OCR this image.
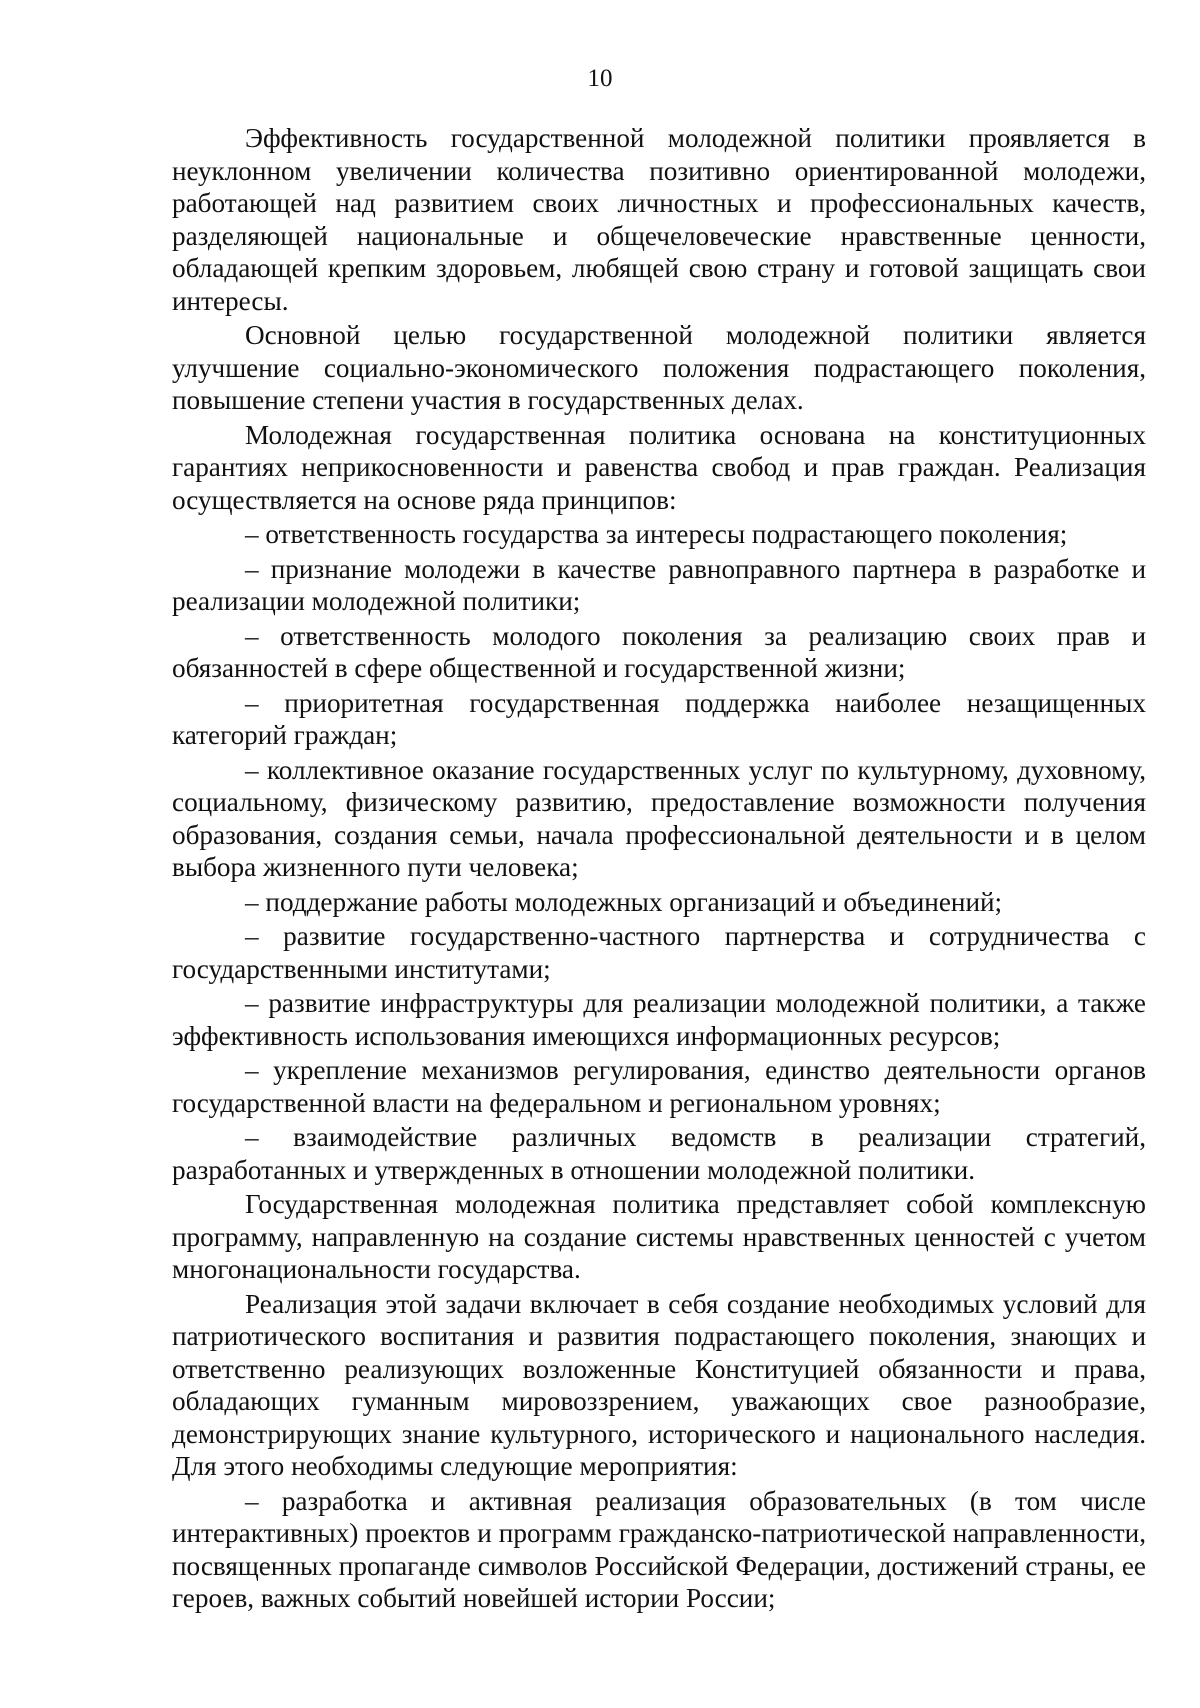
10

Эффективность государственной молодежной политики проявляется в неуклонном увеличении количества позитивно ориентированной молодежи, работающей над развитием своих личностных и профессиональных качеств, разделяющей национальные и общечеловеческие нравственные ценности, обладающей крепким здоровьем, любящей свою страну и готовой защищать свои интересы.

Основной целью государственной молодежной политики является улучшение социально-экономического положения подрастающего поколения, повышение степени участия в государственных делах.

Молодежная государственная политика основана на конституционных гарантиях неприкосновенности и равенства свобод и прав граждан. Реализация осуществляется на основе ряда принципов:

– ответственность государства за интересы подрастающего поколения;

– признание молодежи в качестве равноправного партнера в разработке и реализации молодежной политики;

– ответственность молодого поколения за реализацию своих прав и обязанностей в сфере общественной и государственной жизни;

– приоритетная государственная поддержка наиболее незащищенных категорий граждан;

– коллективное оказание государственных услуг по культурному, духовному, социальному, физическому развитию, предоставление возможности получения образования, создания семьи, начала профессиональной деятельности и в целом выбора жизненного пути человека;

– поддержание работы молодежных организаций и объединений;

– развитие государственно-частного партнерства и сотрудничества с государственными институтами;

– развитие инфраструктуры для реализации молодежной политики, а также эффективность использования имеющихся информационных ресурсов;

– укрепление механизмов регулирования, единство деятельности органов государственной власти на федеральном и региональном уровнях;

– взаимодействие различных ведомств в реализации стратегий, разработанных и утвержденных в отношении молодежной политики.

Государственная молодежная политика представляет собой комплексную программу, направленную на создание системы нравственных ценностей с учетом многонациональности государства.

Реализация этой задачи включает в себя создание необходимых условий для патриотического воспитания и развития подрастающего поколения, знающих и ответственно реализующих возложенные Конституцией обязанности и права, обладающих гуманным мировоззрением, уважающих свое разнообразие, демонстрирующих знание культурного, исторического и национального наследия. Для этого необходимы следующие мероприятия:

– разработка и активная реализация образовательных (в том числе интерактивных) проектов и программ гражданско-патриотической направленности, посвященных пропаганде символов Российской Федерации, достижений страны, ее героев, важных событий новейшей истории России;
